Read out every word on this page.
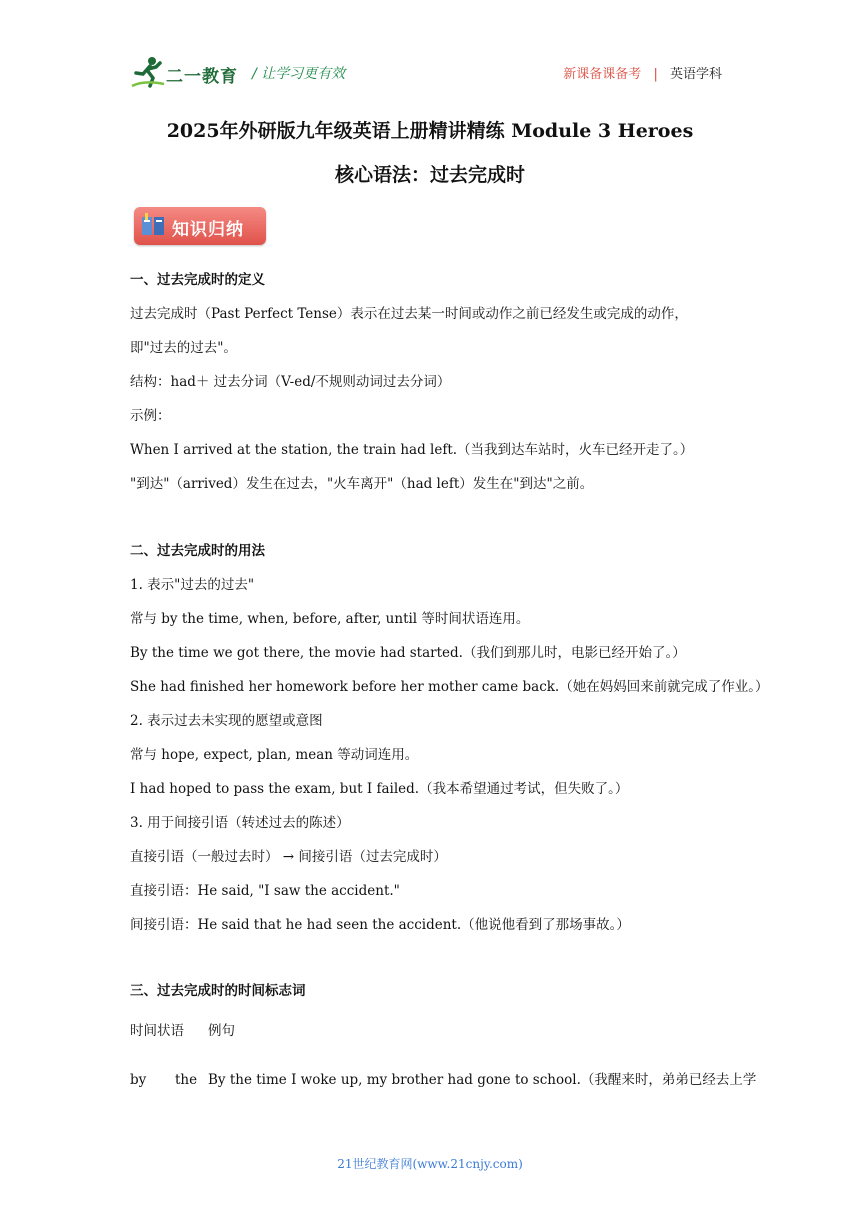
二一教育 / 让学习更有效	新课备课备考 | 英语学科
2025年外研版九年级英语上册精讲精练 Module 3 Heroes
核心语法：过去完成时
知识归纳
一、过去完成时的定义
过去完成时（Past Perfect Tense）表示在过去某一时间或动作之前已经发生或完成的动作，
即"过去的过去"。
结构：had＋ 过去分词（V-ed/不规则动词过去分词）
示例：
When I arrived at the station, the train had left.（当我到达车站时，火车已经开走了。）
"到达"（arrived）发生在过去，"火车离开"（had left）发生在"到达"之前。
二、过去完成时的用法
1. 表示"过去的过去"
常与 by the time, when, before, after, until 等时间状语连用。
By the time we got there, the movie had started.（我们到那儿时，电影已经开始了。）
She had finished her homework before her mother came back.（她在妈妈回来前就完成了作业。）
2. 表示过去未实现的愿望或意图
常与 hope, expect, plan, mean 等动词连用。
I had hoped to pass the exam, but I failed.（我本希望通过考试，但失败了。）
3. 用于间接引语（转述过去的陈述）
直接引语（一般过去时） → 间接引语（过去完成时）
直接引语：He said, "I saw the accident."
间接引语：He said that he had seen the accident.（他说他看到了那场事故。）
三、过去完成时的时间标志词
时间状语 例句
by the By the time I woke up, my brother had gone to school.（我醒来时，弟弟已经去上学
21世纪教育网(www.21cnjy.com)
